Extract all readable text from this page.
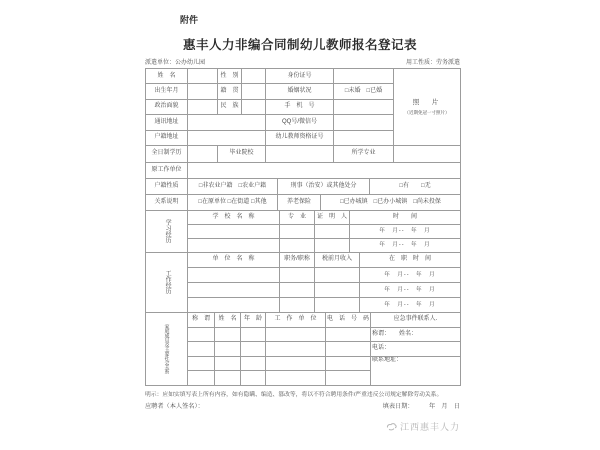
附件
惠丰人力非编合同制幼儿教师报名登记表
派遣单位：公办幼儿园	用工性质：劳务派遣
姓　名		性　别		身份证号		照　片
（近期免冠一寸照片）

出生年月		籍　贯		婚姻状况	□未婚　□已婚	
政治面貌		民　族		手　机　号		
通讯地址				QQ号/微信号		
户籍地址				幼儿教师资格证号		
全日制学历		毕业院校		所学专业	
原工作单位	
户籍性质	□非农业户籍　□农业户籍	刑事（治安）或其他处分		□有　　□无
关系说明	□在原单位 □在街道 □其他	养老保险	□已办城镇　□已办小城镇　□尚未投保	
学习经历	学　校　名　称	专　业	证　明　人	时　　间
				年　月--　年　月
				年　月--　年　月
工作经历	单　位　名　称	职务/职称	税前月收入	在　职　时　间
				年　月--　年　月
				年　月--　年　月
				年　月--　年　月
家庭成员及主要社会关系	称　谓	姓　名	年　龄	工　作　单　位	电　话　号　码	应急事件联系人.
						称谓：　　姓名：
						电话：
						联系地址：

明示：应如实填写表上所有内容，如有隐瞒、编造、篡改等，将以不符合聘用条件/严重违反公司规定解除劳动关系。
应聘者（本人签名）：	填表日期：　　　年　月　日
江西惠丰人力
